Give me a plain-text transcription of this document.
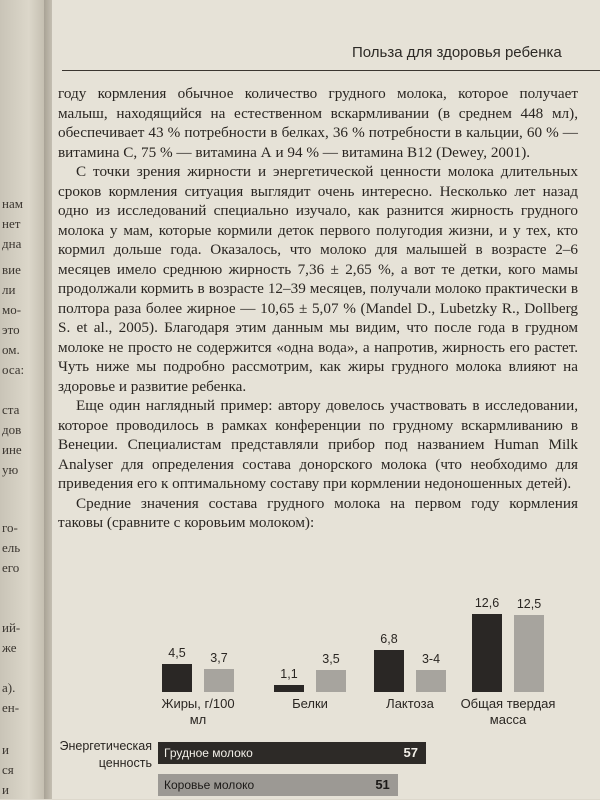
нам
нет
дна
вие
ли
мо-
это
ом.
оса:
ста
дов
ине
ую
го-
ель
его
ий-
же
а).
ен-
и
ся
и
Польза для здоровья ребенка

году кормления обычное количество грудного молока, которое получает малыш, находящийся на естественном вскармливании (в среднем 448 мл), обеспечивает 43 % потребности в белках, 36 % потребности в кальции, 60 % — витамина С, 75 % — витамина А и 94 % — витамина В12 (Dewey, 2001).

С точки зрения жирности и энергетической ценности молока длительных сроков кормления ситуация выглядит очень интересно. Несколько лет назад одно из исследований специально изучало, как разнится жирность грудного молока у мам, которые кормили деток первого полугодия жизни, и у тех, кто кормил дольше года. Оказалось, что молоко для малышей в возрасте 2–6 месяцев имело среднюю жирность 7,36 ± 2,65 %, а вот те детки, кого мамы продолжали кормить в возрасте 12–39 месяцев, получали молоко практически в полтора раза более жирное — 10,65 ± 5,07 % (Mandel D., Lubetzky R., Dollberg S. et al., 2005). Благодаря этим данным мы видим, что после года в грудном молоке не просто не содержится «одна вода», а напротив, жирность его растет. Чуть ниже мы подробно рассмотрим, как жиры грудного молока влияют на здоровье и развитие ребенка.

Еще один наглядный пример: автору довелось участвовать в исследовании, которое проводилось в рамках конференции по грудному вскармливанию в Венеции. Специалистам представляли прибор под названием Human Milk Analyser для определения состава донорского молока (что необходимо для приведения его к оптимальному составу при кормлении недоношенных детей).

Средние значения состава грудного молока на первом году кормления таковы (сравните с коровьим молоком):

4,5	3,7
Жиры, г/100 мл
1,1
3,5
Белки
6,8
3-4
Лактоза
12,6	12,5
Общая твердая масса
Энергетическая ценность
Грудное молоко	57
Коровье молоко	51
